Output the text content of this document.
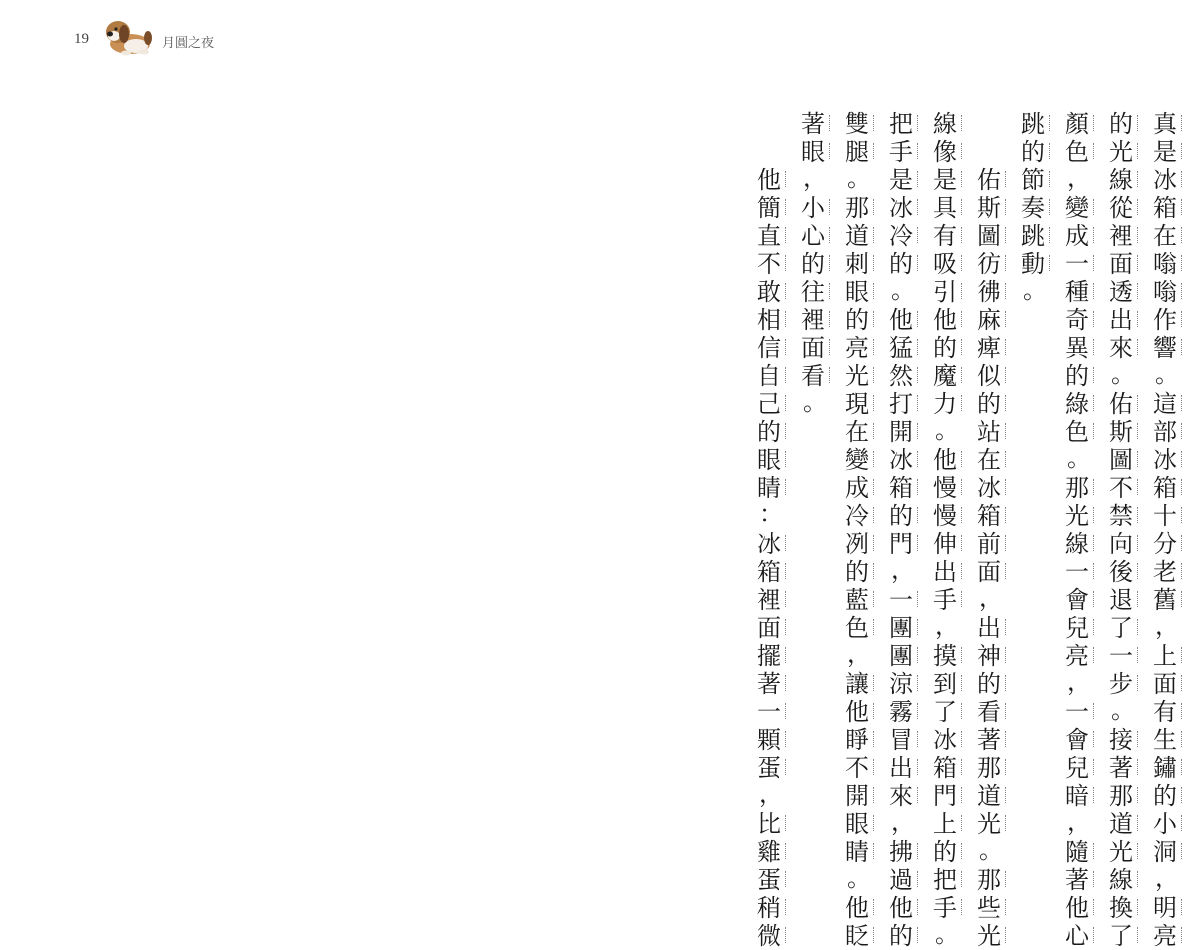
19	月圓之夜
真
是
冰
箱
在
嗡
嗡
作
響
。
這
部
冰
箱
十
分
老
舊
，
上
面
有
生
鏽
的
小
洞
，
明
亮
的
光
線
從
裡
面
透
出
來
。
佑
斯
圖
不
禁
向
後
退
了
一
步
。
接
著
那
道
光
線
換
了
顏
色
，
變
成
一
種
奇
異
的
綠
色
。
那
光
線
一
會
兒
亮
，
一
會
兒
暗
，
隨
著
他
心
跳
的
節
奏
跳
動
。
佑
斯
圖
彷
彿
麻
痺
似
的
站
在
冰
箱
前
面
，
出
神
的
看
著
那
道
光
。
那
些
光
線
像
是
具
有
吸
引
他
的
魔
力
。
他
慢
慢
伸
出
手
，
摸
到
了
冰
箱
門
上
的
把
手
。
把
手
是
冰
冷
的
。
他
猛
然
打
開
冰
箱
的
門
，
一
團
團
涼
霧
冒
出
來
，
拂
過
他
的
雙
腿
。
那
道
刺
眼
的
亮
光
現
在
變
成
冷
冽
的
藍
色
，
讓
他
睜
不
開
眼
睛
。
他
眨
著
眼
，
小
心
的
往
裡
面
看
。
他
簡
直
不
敢
相
信
自
己
的
眼
睛
：
冰
箱
裡
面
擺
著
一
顆
蛋
，
比
雞
蛋
稍
微
